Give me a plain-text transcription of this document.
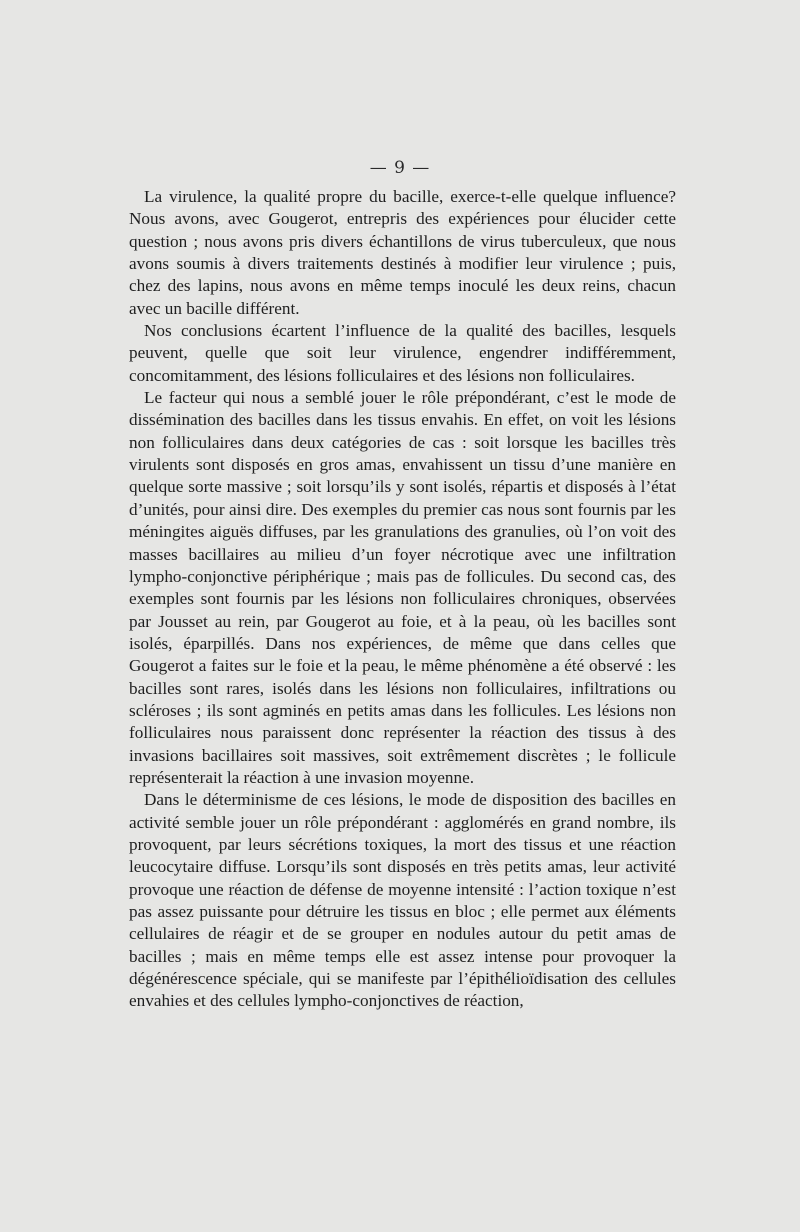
— 9 —

La virulence, la qualité propre du bacille, exerce-t-elle quelque influence? Nous avons, avec Gougerot, entrepris des expériences pour élucider cette question ; nous avons pris divers échantillons de virus tuberculeux, que nous avons soumis à divers traitements destinés à modifier leur virulence ; puis, chez des lapins, nous avons en même temps inoculé les deux reins, chacun avec un bacille différent.

Nos conclusions écartent l’influence de la qualité des bacilles, lesquels peuvent, quelle que soit leur virulence, engendrer indifféremment, concomitamment, des lésions folliculaires et des lésions non folliculaires.

Le facteur qui nous a semblé jouer le rôle prépondérant, c’est le mode de dissémination des bacilles dans les tissus envahis. En effet, on voit les lésions non folliculaires dans deux catégories de cas : soit lorsque les bacilles très virulents sont disposés en gros amas, envahissent un tissu d’une manière en quelque sorte massive ; soit lorsqu’ils y sont isolés, répartis et disposés à l’état d’unités, pour ainsi dire. Des exemples du premier cas nous sont fournis par les méningites aiguës diffuses, par les granulations des granulies, où l’on voit des masses bacillaires au milieu d’un foyer nécrotique avec une infiltration lympho-conjonctive périphérique ; mais pas de follicules. Du second cas, des exemples sont fournis par les lésions non folliculaires chroniques, observées par Jousset au rein, par Gougerot au foie, et à la peau, où les bacilles sont isolés, éparpillés. Dans nos expériences, de même que dans celles que Gougerot a faites sur le foie et la peau, le même phénomène a été observé : les bacilles sont rares, isolés dans les lésions non folliculaires, infiltrations ou scléroses ; ils sont agminés en petits amas dans les follicules. Les lésions non folliculaires nous paraissent donc représenter la réaction des tissus à des invasions bacillaires soit massives, soit extrêmement discrètes ; le follicule représenterait la réaction à une invasion moyenne.

Dans le déterminisme de ces lésions, le mode de disposition des bacilles en activité semble jouer un rôle prépondérant : agglomérés en grand nombre, ils provoquent, par leurs sécrétions toxiques, la mort des tissus et une réaction leucocytaire diffuse. Lorsqu’ils sont disposés en très petits amas, leur activité provoque une réaction de défense de moyenne intensité : l’action toxique n’est pas assez puissante pour détruire les tissus en bloc ; elle permet aux éléments cellulaires de réagir et de se grouper en nodules autour du petit amas de bacilles ; mais en même temps elle est assez intense pour provoquer la dégénérescence spéciale, qui se manifeste par l’épithélioïdisation des cellules envahies et des cellules lympho-conjonctives de réaction,
